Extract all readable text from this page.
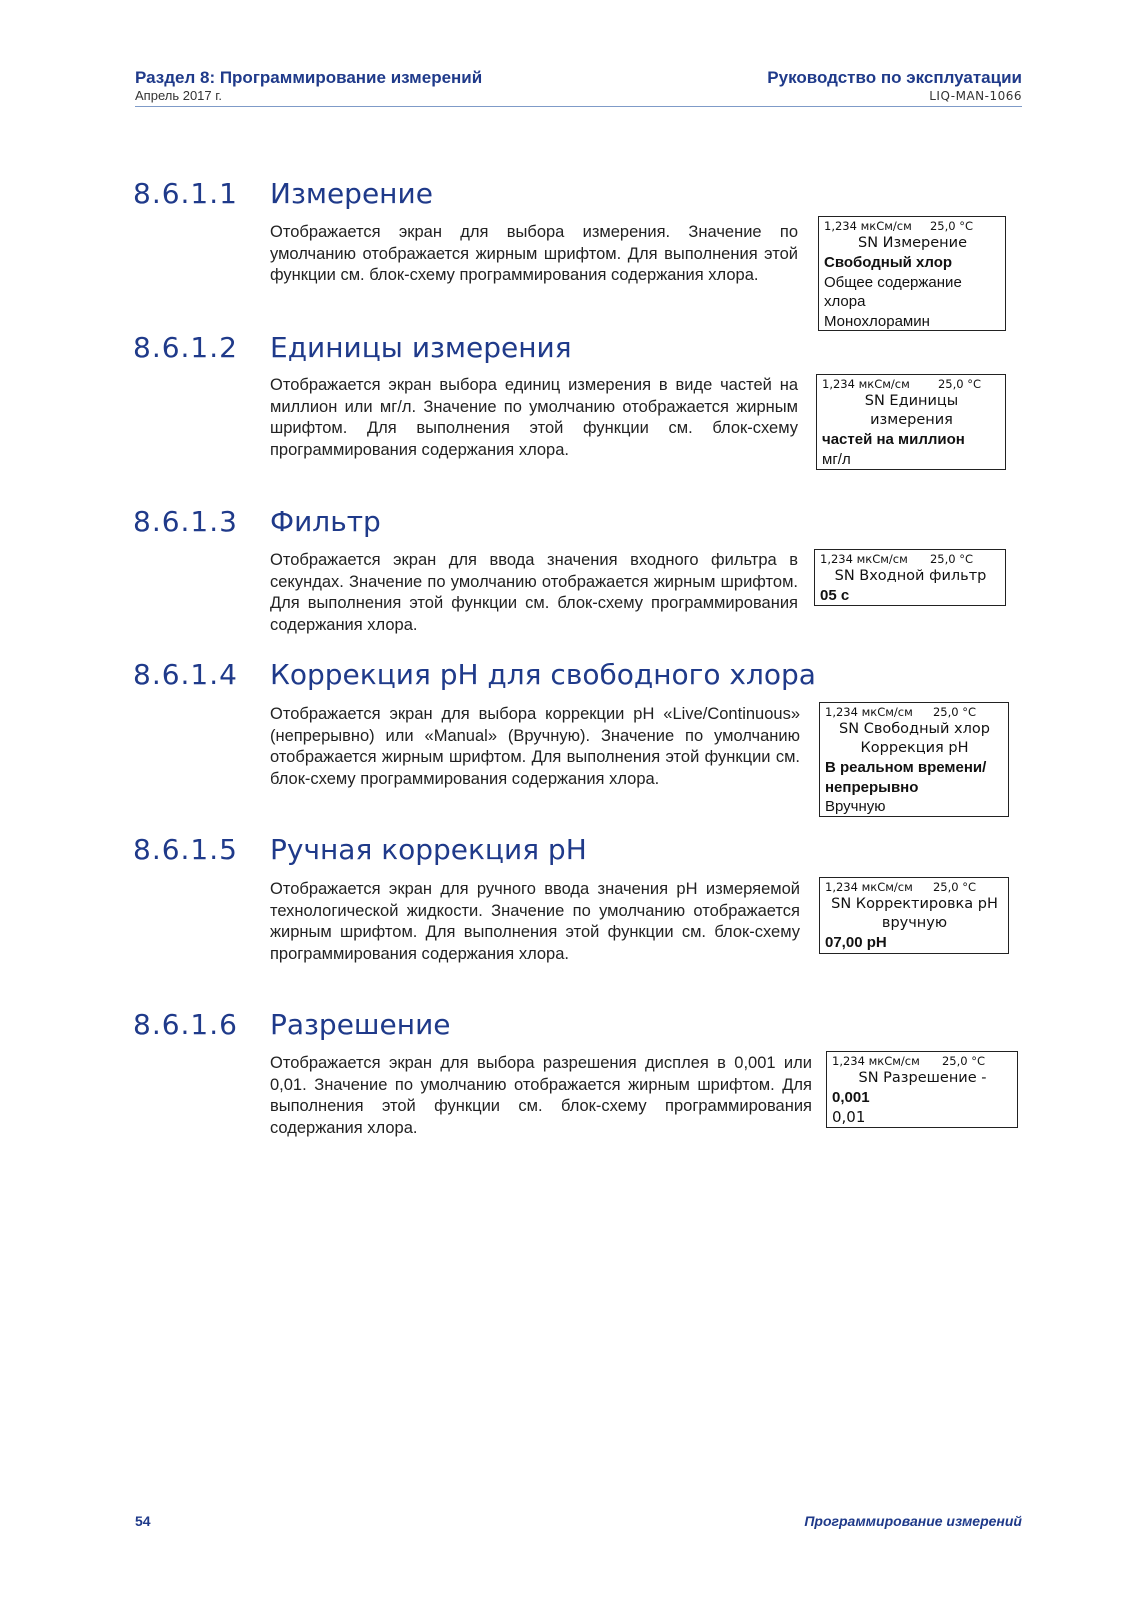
Раздел 8: Программирование измерений
Апрель 2017 г.
Руководство по эксплуатации
LIQ-MAN-1066
8.6.1.1 Измерение
Отображается экран для выбора измерения. Значение по умолчанию отображается жирным шрифтом. Для выполнения этой функции см. блок-схему программирования содержания хлора.
1,234 мкСм/см 25,0 °C
SN Измерение
Свободный хлор
Общее содержание хлора
Монохлорамин
8.6.1.2 Единицы измерения
Отображается экран выбора единиц измерения в виде частей на миллион или мг/л. Значение по умолчанию отображается жирным шрифтом. Для выполнения этой функции см. блок-схему программирования содержания хлора.
1,234 мкСм/см 25,0 °C
SN Единицы измерения
частей на миллион
мг/л
8.6.1.3 Фильтр
Отображается экран для ввода значения входного фильтра в секундах. Значение по умолчанию отображается жирным шрифтом. Для выполнения этой функции см. блок-схему программирования содержания хлора.
1,234 мкСм/см 25,0 °C
SN Входной фильтр
05 с
8.6.1.4 Коррекция pH для свободного хлора
Отображается экран для выбора коррекции pH «Live/Continuous» (непрерывно) или «Manual» (Вручную). Значение по умолчанию отображается жирным шрифтом. Для выполнения этой функции см. блок-схему программирования содержания хлора.
1,234 мкСм/см 25,0 °C
SN Свободный хлор Коррекция pH
В реальном времени/ непрерывно
Вручную
8.6.1.5 Ручная коррекция pH
Отображается экран для ручного ввода значения pH измеряемой технологической жидкости. Значение по умолчанию отображается жирным шрифтом. Для выполнения этой функции см. блок-схему программирования содержания хлора.
1,234 мкСм/см 25,0 °C
SN Корректировка pH вручную
07,00 pH
8.6.1.6 Разрешение
Отображается экран для выбора разрешения дисплея в 0,001 или 0,01. Значение по умолчанию отображается жирным шрифтом. Для выполнения этой функции см. блок-схему программирования содержания хлора.
1,234 мкСм/см 25,0 °C
SN Разрешение -
0,001
0,01
54	Программирование измерений
